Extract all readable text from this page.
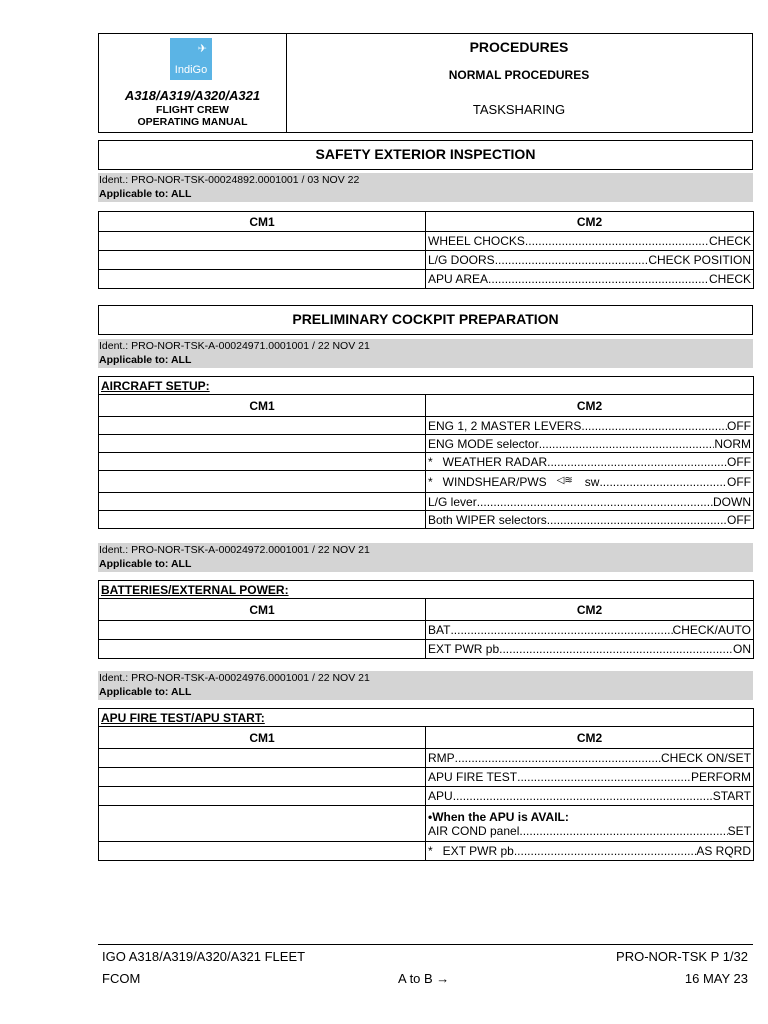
✈
IndiGo
A318/A319/A320/A321
FLIGHT CREW
OPERATING MANUAL
PROCEDURES
NORMAL PROCEDURES
TASKSHARING
SAFETY EXTERIOR INSPECTION
Ident.: PRO-NOR-TSK-00024892.0001001 / 03 NOV 22
Applicable to: ALL
CM1	CM2

	WHEEL CHOCKS ..... CHECK

	L/G DOORS ..... CHECK POSITION

	APU AREA ..... CHECK
PRELIMINARY COCKPIT PREPARATION
Ident.: PRO-NOR-TSK-A-00024971.0001001 / 22 NOV 21
Applicable to: ALL
AIRCRAFT SETUP:	
CM1	CM2

	ENG 1, 2 MASTER LEVERS ..... OFF

	ENG MODE selector ..... NORM

	*   WEATHER RADAR ..... OFF

	*   WINDSHEAR/PWS ◁≋ sw ..... OFF

	L/G lever ..... DOWN

	Both WIPER selectors ..... OFF
Ident.: PRO-NOR-TSK-A-00024972.0001001 / 22 NOV 21
Applicable to: ALL
BATTERIES/EXTERNAL POWER:	
CM1	CM2

	BAT ..... CHECK/AUTO

	EXT PWR pb ..... ON
Ident.: PRO-NOR-TSK-A-00024976.0001001 / 22 NOV 21
Applicable to: ALL
APU FIRE TEST/APU START:	
CM1	CM2

	RMP ..... CHECK ON/SET

	APU FIRE TEST ..... PERFORM

	APU ..... START

	•When the APU is AVAIL:
AIR COND panel ..... SET

	*   EXT PWR pb ..... AS RQRD
IGO A318/A319/A320/A321 FLEET
FCOM	A to B →
PRO-NOR-TSK P 1/32
16 MAY 23
